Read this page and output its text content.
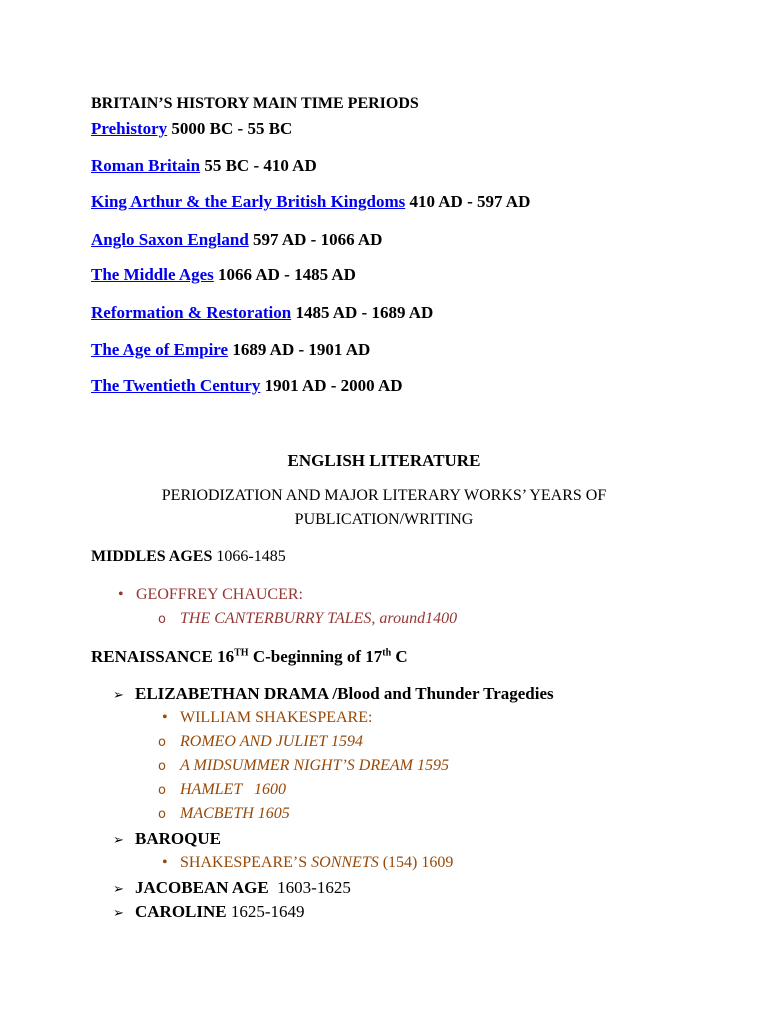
BRITAIN’S HISTORY MAIN TIME PERIODS
Prehistory 5000 BC - 55 BC
Roman Britain 55 BC - 410 AD
King Arthur & the Early British Kingdoms 410 AD - 597 AD
Anglo Saxon England 597 AD - 1066 AD
The Middle Ages 1066 AD - 1485 AD
Reformation & Restoration 1485 AD - 1689 AD
The Age of Empire 1689 AD - 1901 AD
The Twentieth Century 1901 AD - 2000 AD
ENGLISH LITERATURE
PERIODIZATION AND MAJOR LITERARY WORKS’ YEARS OF
PUBLICATION/WRITING
MIDDLES AGES 1066-1485
• GEOFFREY CHAUCER:
o THE CANTERBURRY TALES, around1400
RENAISSANCE 16TH C-beginning of 17th C
➢ ELIZABETHAN DRAMA /Blood and Thunder Tragedies
• WILLIAM SHAKESPEARE:
o ROMEO AND JULIET 1594
o A MIDSUMMER NIGHT’S DREAM 1595
o HAMLET   1600
o MACBETH 1605
➢ BAROQUE
• SHAKESPEARE’S SONNETS (154) 1609
➢ JACOBEAN AGE  1603-1625
➢ CAROLINE 1625-1649
